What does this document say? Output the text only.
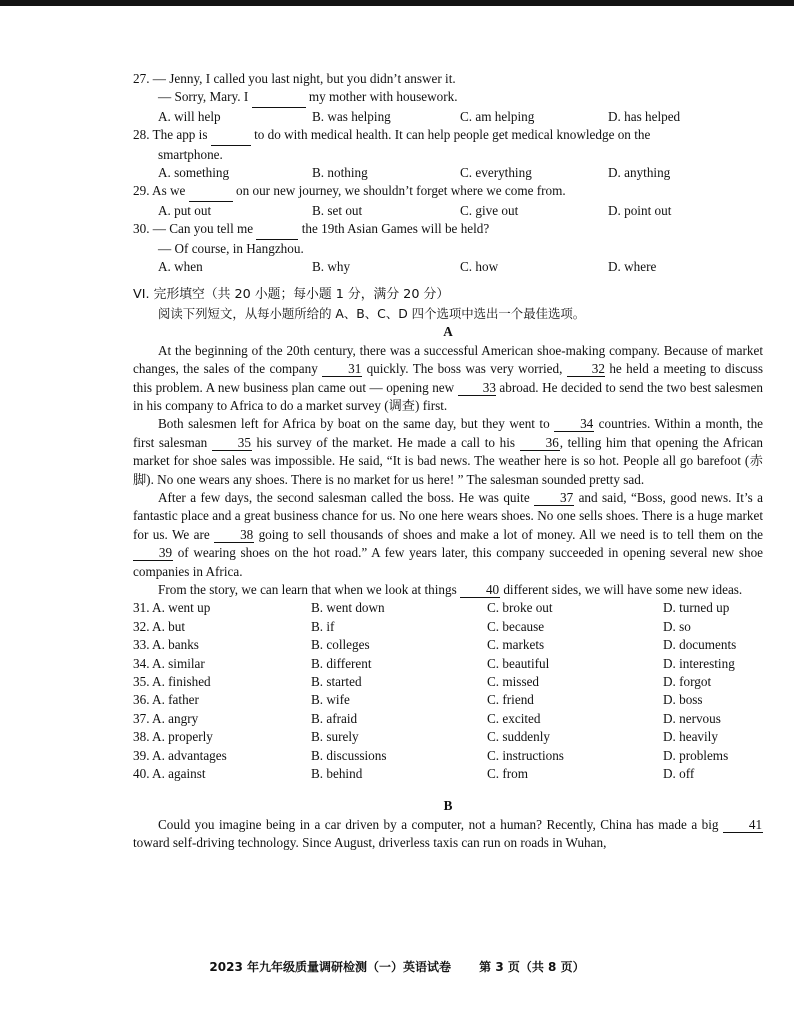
27. — Jenny, I called you last night, but you didn’t answer it.
— Sorry, Mary. I	my mother with housework.
A. will help	B. was helping	C. am helping	D. has helped
28. The app is	to do with medical health. It can help people get medical knowledge on the
smartphone.
A. something	B. nothing	C. everything	D. anything
29. As we	on our new journey, we shouldn’t forget where we come from.
A. put out	B. set out	C. give out	D. point out
30. — Can you tell me	the 19th Asian Games will be held?
— Of course, in Hangzhou.
A. when	B. why	C. how	D. where
VI. 完形填空（共 20 小题；每小题 1 分，满分 20 分）
阅读下列短文，从每小题所给的 A、B、C、D 四个选项中选出一个最佳选项。
A

At the beginning of the 20th century, there was a successful American shoe-making company. Because of market changes, the sales of the company 31 quickly. The boss was very worried, 32 he held a meeting to discuss this problem. A new business plan came out — opening new 33 abroad. He decided to send the two best salesmen in his company to Africa to do a market survey (调查) first.

Both salesmen left for Africa by boat on the same day, but they went to 34 countries. Within a month, the first salesman 35 his survey of the market. He made a call to his 36, telling him that opening the African market for shoe sales was impossible. He said, “It is bad news. The weather here is so hot. People all go barefoot (赤脚). No one wears any shoes. There is no market for us here! ” The salesman sounded pretty sad.

After a few days, the second salesman called the boss. He was quite 37 and said, “Boss, good news. It’s a fantastic place and a great business chance for us. No one here wears shoes. No one sells shoes. There is a huge market for us. We are 38 going to sell thousands of shoes and make a lot of money. All we need is to tell them on the 39 of wearing shoes on the hot road.” A few years later, this company succeeded in opening several new shoe companies in Africa.

From the story, we can learn that when we look at things 40 different sides, we will have some new ideas.

31. A. went up	B. went down	C. broke out	D. turned up
32. A. but	B. if	C. because	D. so
33. A. banks	B. colleges	C. markets	D. documents
34. A. similar	B. different	C. beautiful	D. interesting
35. A. finished	B. started	C. missed	D. forgot
36. A. father	B. wife	C. friend	D. boss
37. A. angry	B. afraid	C. excited	D. nervous
38. A. properly	B. surely	C. suddenly	D. heavily
39. A. advantages	B. discussions	C. instructions	D. problems
40. A. against	B. behind	C. from	D. off
B

Could you imagine being in a car driven by a computer, not a human? Recently, China has made a big 41 toward self-driving technology. Since August, driverless taxis can run on roads in Wuhan,

2023 年九年级质量调研检测（一）英语试卷 第 3 页（共 8 页）
